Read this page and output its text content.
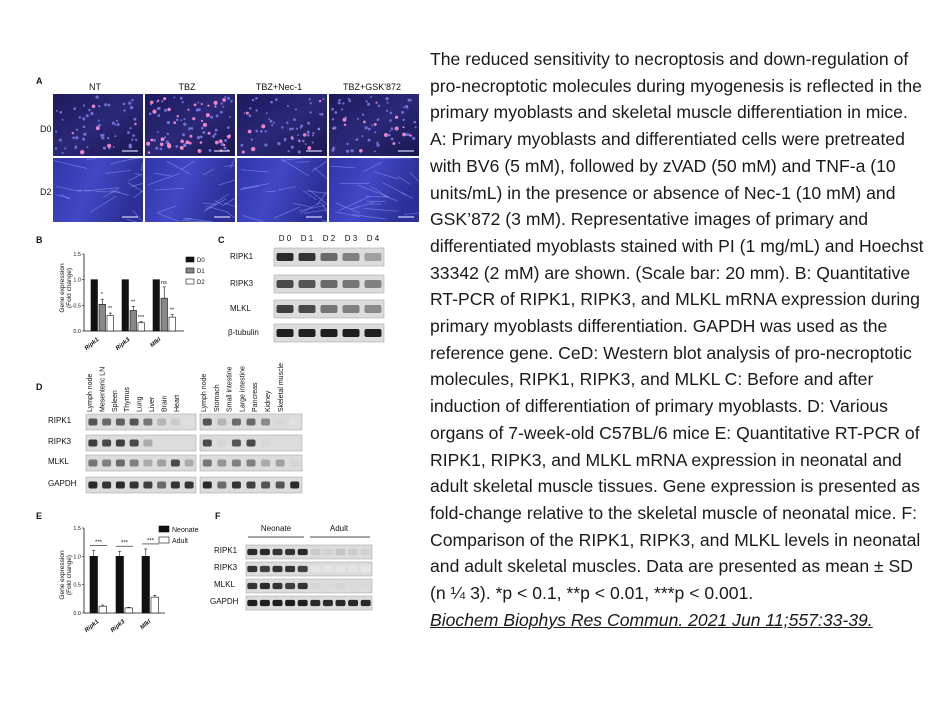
A
NT	TBZ	TBZ+Nec-1	TBZ+GSK'872
D0
D2
B
Gene expression (Fold change)
1.5
1.0
0.5
0.0
Ripk1 Ripk3	Mlkl
*
**
**
***
ns
**
D0
D1
D2
C	D 0 D 1 D 2 D 3 D 4
RIPK1
RIPK3
MLKL
β-tubulin
D	Lymph node Mesenteric LN Spleen Thymus Lung Liver Brain Heart	Lymph node Stomach Small intestine Large intestine Pancreas Kidney Skeletal muscle
RIPK1
RIPK3
MLKL
GAPDH
E
Gene expression (Fold change)
1.5
1.0
0.5
0.0
Ripk1 Ripk3 Mlkl
***	***	***
Neonate
Adult
F
Neonate	Adult
RIPK1
RIPK3
MLKL
GAPDH

The reduced sensitivity to necroptosis and down-regulation of pro-necroptotic molecules during myogenesis is reflected in the primary myoblasts and skeletal muscle differentiation in mice. A: Primary myoblasts and differentiated cells were pretreated with BV6 (5 mM), followed by zVAD (50 mM) and TNF-a (10 units/mL) in the presence or absence of Nec-1 (10 mM) and GSK’872 (3 mM). Representative images of primary and differentiated myoblasts stained with PI (1 mg/mL) and Hoechst 33342 (2 mM) are shown. (Scale bar: 20 mm). B: Quantitative RT-PCR of RIPK1, RIPK3, and MLKL mRNA expression during primary myoblasts differentiation. GAPDH was used as the reference gene. CeD: Western blot analysis of pro-necroptotic molecules, RIPK1, RIPK3, and MLKL C: Before and after induction of differentiation of primary myoblasts. D: Various organs of 7-week-old C57BL/6 mice E: Quantitative RT-PCR of RIPK1, RIPK3, and MLKL mRNA expression in neonatal and adult skeletal muscle tissues. Gene expression is presented as fold-change relative to the skeletal muscle of neonatal mice. F: Comparison of the RIPK1, RIPK3, and MLKL levels in neonatal and adult skeletal muscles. Data are presented as mean ± SD (n ¼ 3). *p < 0.1, **p < 0.01, ***p < 0.001.

Biochem Biophys Res Commun. 2021 Jun 11;557:33-39.
